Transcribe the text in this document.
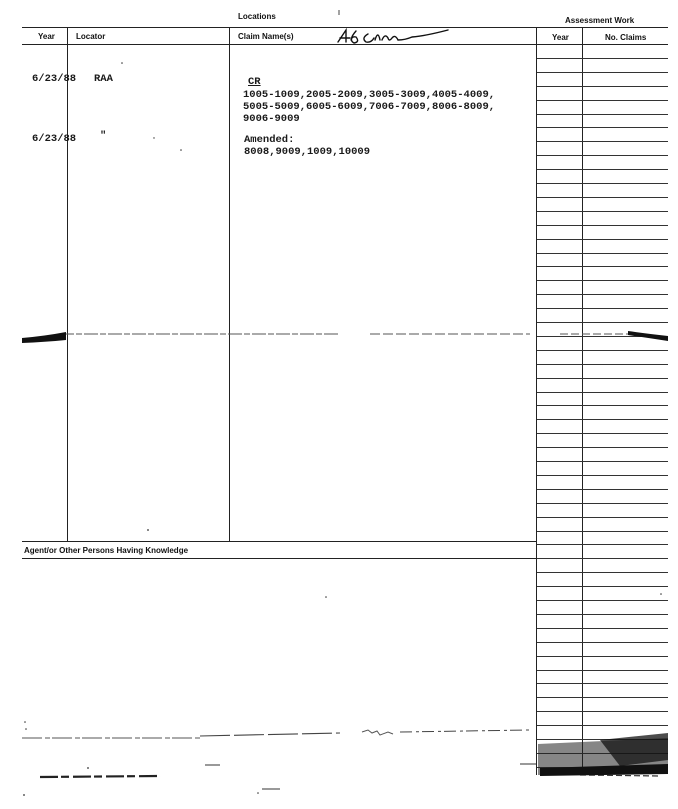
Locations	Assessment Work
Year	Locator	Claim Name(s)	Year	No. Claims
Agent/or Other Persons Having Knowledge
6/23/88 RAA	CR
1005-1009,2005-2009,3005-3009,4005-4009,
5005-5009,6005-6009,7006-7009,8006-8009,
9006-9009
6/23/88 "	Amended:
8008,9009,1009,10009
